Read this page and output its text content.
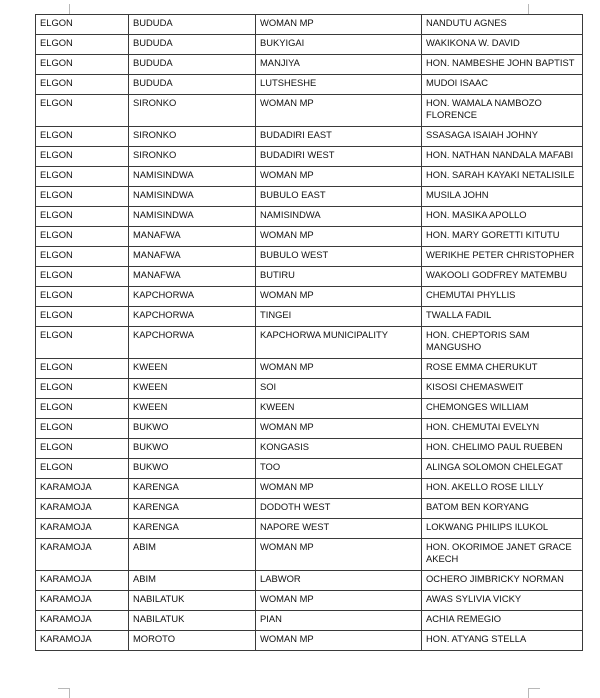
ELGON	BUDUDA	WOMAN MP	NANDUTU AGNES
ELGON	BUDUDA	BUKYIGAI	WAKIKONA W. DAVID
ELGON	BUDUDA	MANJIYA	HON. NAMBESHE JOHN BAPTIST
ELGON	BUDUDA	LUTSHESHE	MUDOI ISAAC
ELGON	SIRONKO	WOMAN MP	HON. WAMALA NAMBOZO FLORENCE
ELGON	SIRONKO	BUDADIRI EAST	SSASAGA ISAIAH JOHNY
ELGON	SIRONKO	BUDADIRI WEST	HON. NATHAN NANDALA MAFABI
ELGON	NAMISINDWA	WOMAN MP	HON. SARAH KAYAKI NETALISILE
ELGON	NAMISINDWA	BUBULO EAST	MUSILA JOHN
ELGON	NAMISINDWA	NAMISINDWA	HON. MASIKA APOLLO
ELGON	MANAFWA	WOMAN MP	HON. MARY GORETTI KITUTU
ELGON	MANAFWA	BUBULO WEST	WERIKHE PETER CHRISTOPHER
ELGON	MANAFWA	BUTIRU	WAKOOLI GODFREY MATEMBU
ELGON	KAPCHORWA	WOMAN MP	CHEMUTAI PHYLLIS
ELGON	KAPCHORWA	TINGEI	TWALLA FADIL
ELGON	KAPCHORWA	KAPCHORWA MUNICIPALITY	HON. CHEPTORIS SAM MANGUSHO
ELGON	KWEEN	WOMAN MP	ROSE EMMA CHERUKUT
ELGON	KWEEN	SOI	KISOSI CHEMASWEIT
ELGON	KWEEN	KWEEN	CHEMONGES WILLIAM
ELGON	BUKWO	WOMAN MP	HON. CHEMUTAI EVELYN
ELGON	BUKWO	KONGASIS	HON. CHELIMO PAUL RUEBEN
ELGON	BUKWO	TOO	ALINGA SOLOMON CHELEGAT
KARAMOJA	KARENGA	WOMAN MP	HON. AKELLO ROSE LILLY
KARAMOJA	KARENGA	DODOTH WEST	BATOM BEN KORYANG
KARAMOJA	KARENGA	NAPORE WEST	LOKWANG PHILIPS ILUKOL
KARAMOJA	ABIM	WOMAN MP	HON. OKORIMOE JANET GRACE AKECH
KARAMOJA	ABIM	LABWOR	OCHERO JIMBRICKY NORMAN
KARAMOJA	NABILATUK	WOMAN MP	AWAS SYLIVIA VICKY
KARAMOJA	NABILATUK	PIAN	ACHIA REMEGIO
KARAMOJA	MOROTO	WOMAN MP	HON. ATYANG STELLA
